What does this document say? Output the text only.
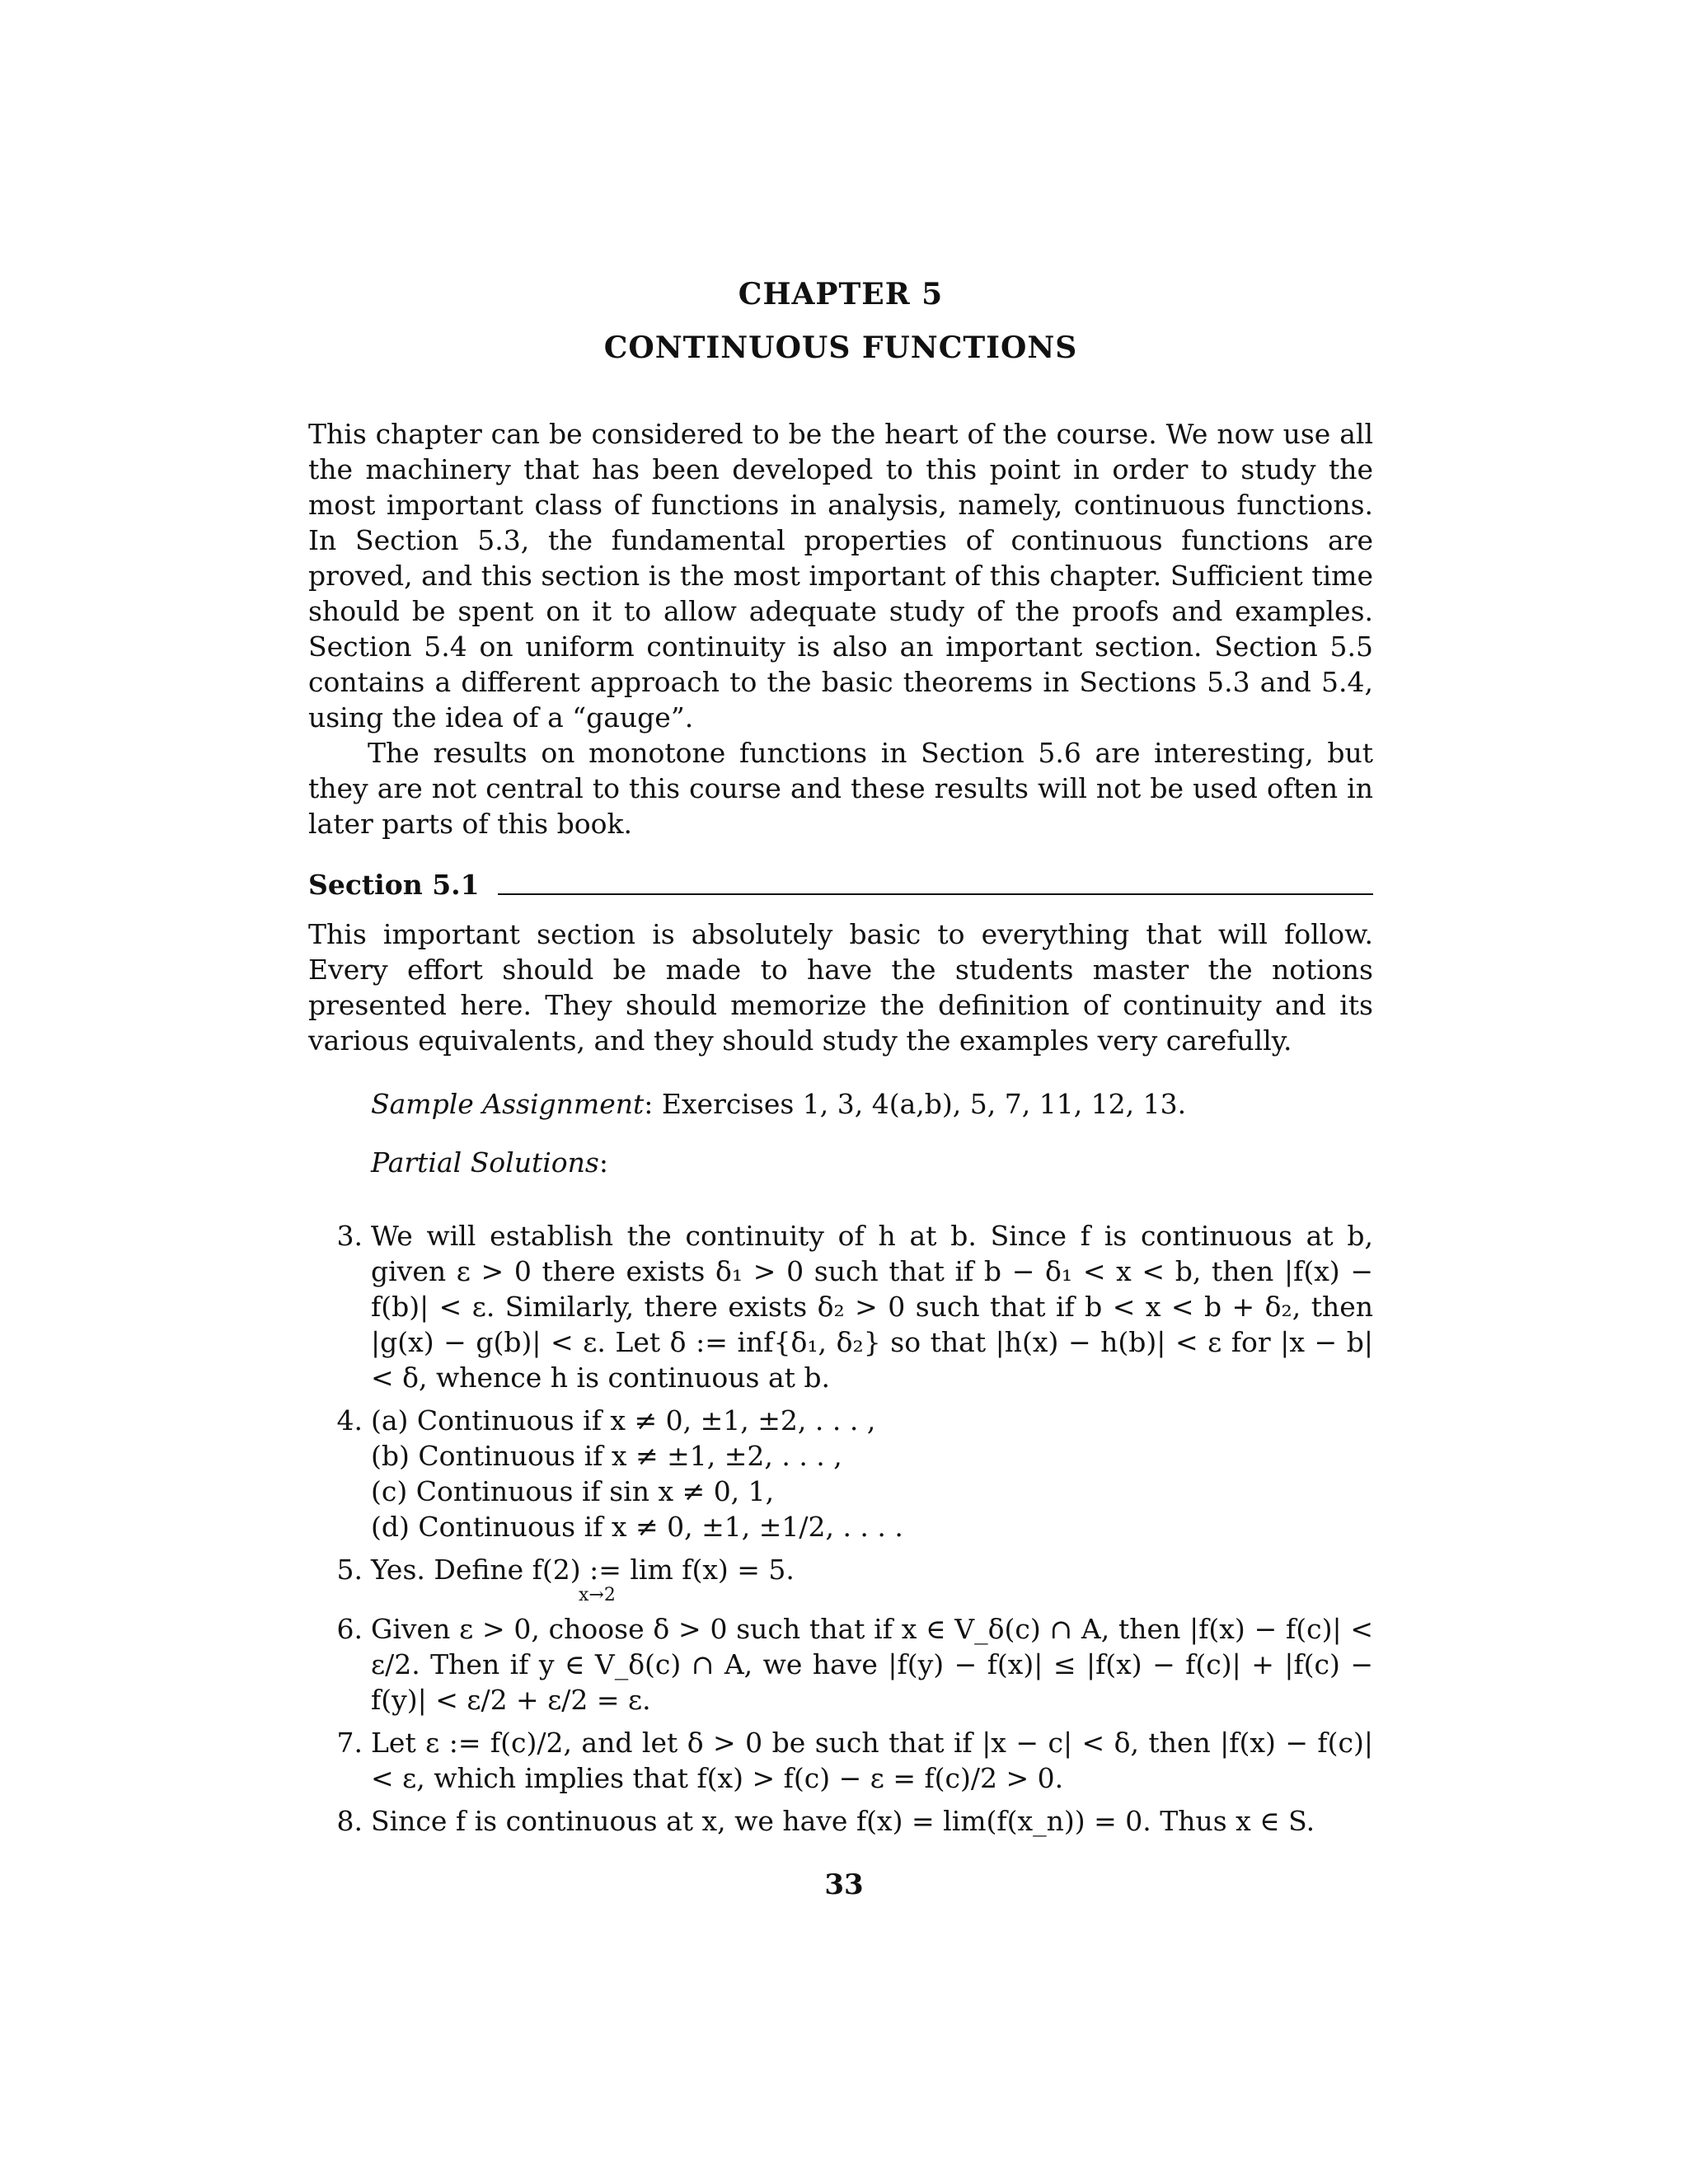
CHAPTER 5
CONTINUOUS FUNCTIONS

This chapter can be considered to be the heart of the course. We now use all the machinery that has been developed to this point in order to study the most important class of functions in analysis, namely, continuous functions. In Section 5.3, the fundamental properties of continuous functions are proved, and this section is the most important of this chapter. Sufficient time should be spent on it to allow adequate study of the proofs and examples. Section 5.4 on uniform continuity is also an important section. Section 5.5 contains a different approach to the basic theorems in Sections 5.3 and 5.4, using the idea of a “gauge”.

The results on monotone functions in Section 5.6 are interesting, but they are not central to this course and these results will not be used often in later parts of this book.

Section 5.1

This important section is absolutely basic to everything that will follow. Every effort should be made to have the students master the notions presented here. They should memorize the definition of continuity and its various equivalents, and they should study the examples very carefully.

Sample Assignment: Exercises 1, 3, 4(a,b), 5, 7, 11, 12, 13.
Partial Solutions:
3. We will establish the continuity of h at b. Since f is continuous at b, given ε > 0 there exists δ₁ > 0 such that if b − δ₁ < x < b, then |f(x) − f(b)| < ε. Similarly, there exists δ₂ > 0 such that if b < x < b + δ₂, then |g(x) − g(b)| < ε. Let δ := inf{δ₁, δ₂} so that |h(x) − h(b)| < ε for |x − b| < δ, whence h is continuous at b.
4. (a) Continuous if x ≠ 0, ±1, ±2, . . . ,
(b) Continuous if x ≠ ±1, ±2, . . . ,
(c) Continuous if sin x ≠ 0, 1,
(d) Continuous if x ≠ 0, ±1, ±1/2, . . . .
5. Yes. Define f(2) := lim f(x) = 5.
x→2
6. Given ε > 0, choose δ > 0 such that if x ∈ V_δ(c) ∩ A, then |f(x) − f(c)| < ε/2. Then if y ∈ V_δ(c) ∩ A, we have |f(y) − f(x)| ≤ |f(x) − f(c)| + |f(c) − f(y)| < ε/2 + ε/2 = ε.
7. Let ε := f(c)/2, and let δ > 0 be such that if |x − c| < δ, then |f(x) − f(c)| < ε, which implies that f(x) > f(c) − ε = f(c)/2 > 0.
8. Since f is continuous at x, we have f(x) = lim(f(x_n)) = 0. Thus x ∈ S.
33
